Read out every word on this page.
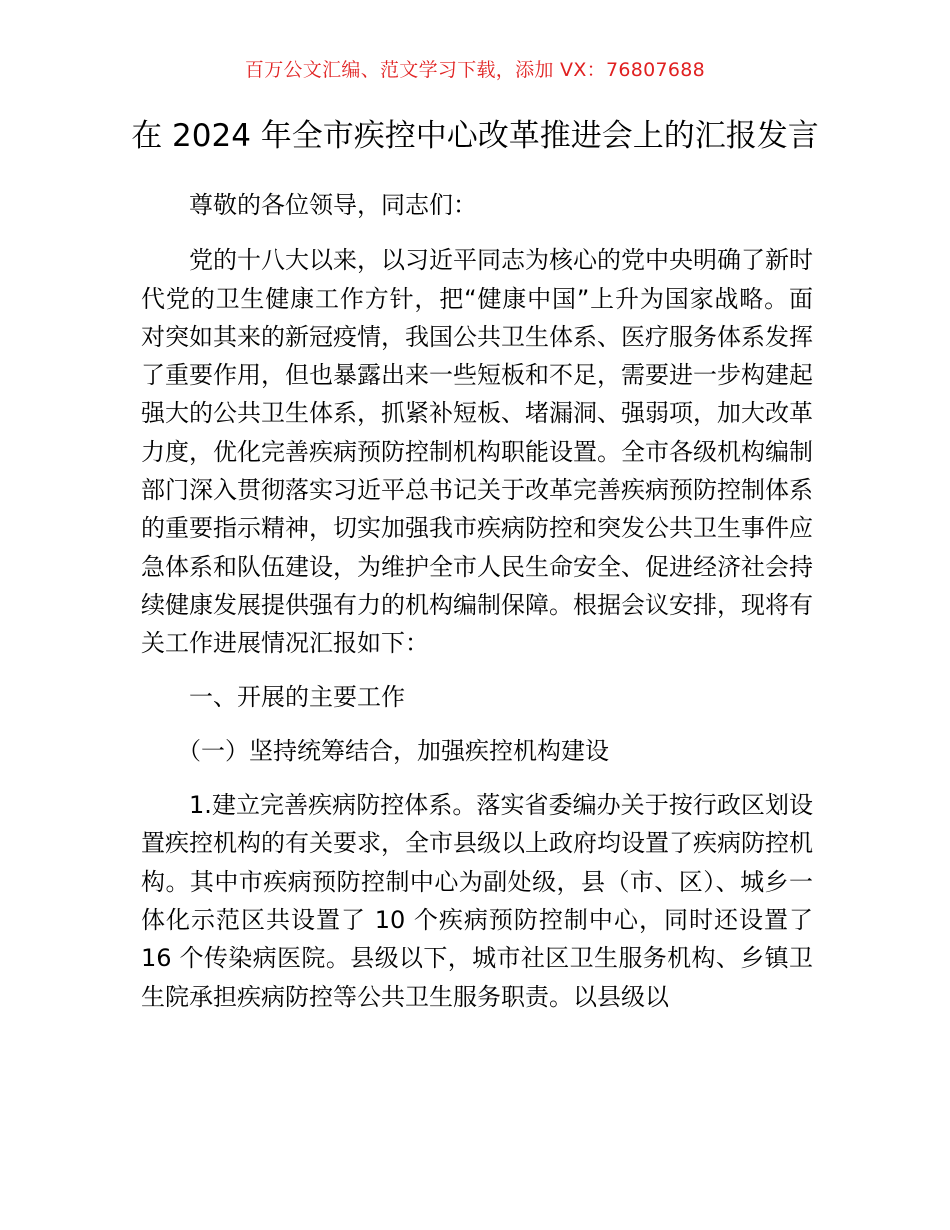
百万公文汇编、范文学习下载，添加 VX：76807688
在 2024 年全市疾控中心改革推进会上的汇报发言

尊敬的各位领导，同志们：

党的十八大以来，以习近平同志为核心的党中央明确了新时代党的卫生健康工作方针，把“健康中国”上升为国家战略。面对突如其来的新冠疫情，我国公共卫生体系、医疗服务体系发挥了重要作用，但也暴露出来一些短板和不足，需要进一步构建起强大的公共卫生体系，抓紧补短板、堵漏洞、强弱项，加大改革力度，优化完善疾病预防控制机构职能设置。全市各级机构编制部门深入贯彻落实习近平总书记关于改革完善疾病预防控制体系的重要指示精神，切实加强我市疾病防控和突发公共卫生事件应急体系和队伍建设，为维护全市人民生命安全、促进经济社会持续健康发展提供强有力的机构编制保障。根据会议安排，现将有关工作进展情况汇报如下：

一、开展的主要工作

（一）坚持统筹结合，加强疾控机构建设

1.建立完善疾病防控体系。落实省委编办关于按行政区划设置疾控机构的有关要求，全市县级以上政府均设置了疾病防控机构。其中市疾病预防控制中心为副处级，县（市、区）、城乡一体化示范区共设置了 10 个疾病预防控制中心，同时还设置了 16 个传染病医院。县级以下，城市社区卫生服务机构、乡镇卫生院承担疾病防控等公共卫生服务职责。以县级以
